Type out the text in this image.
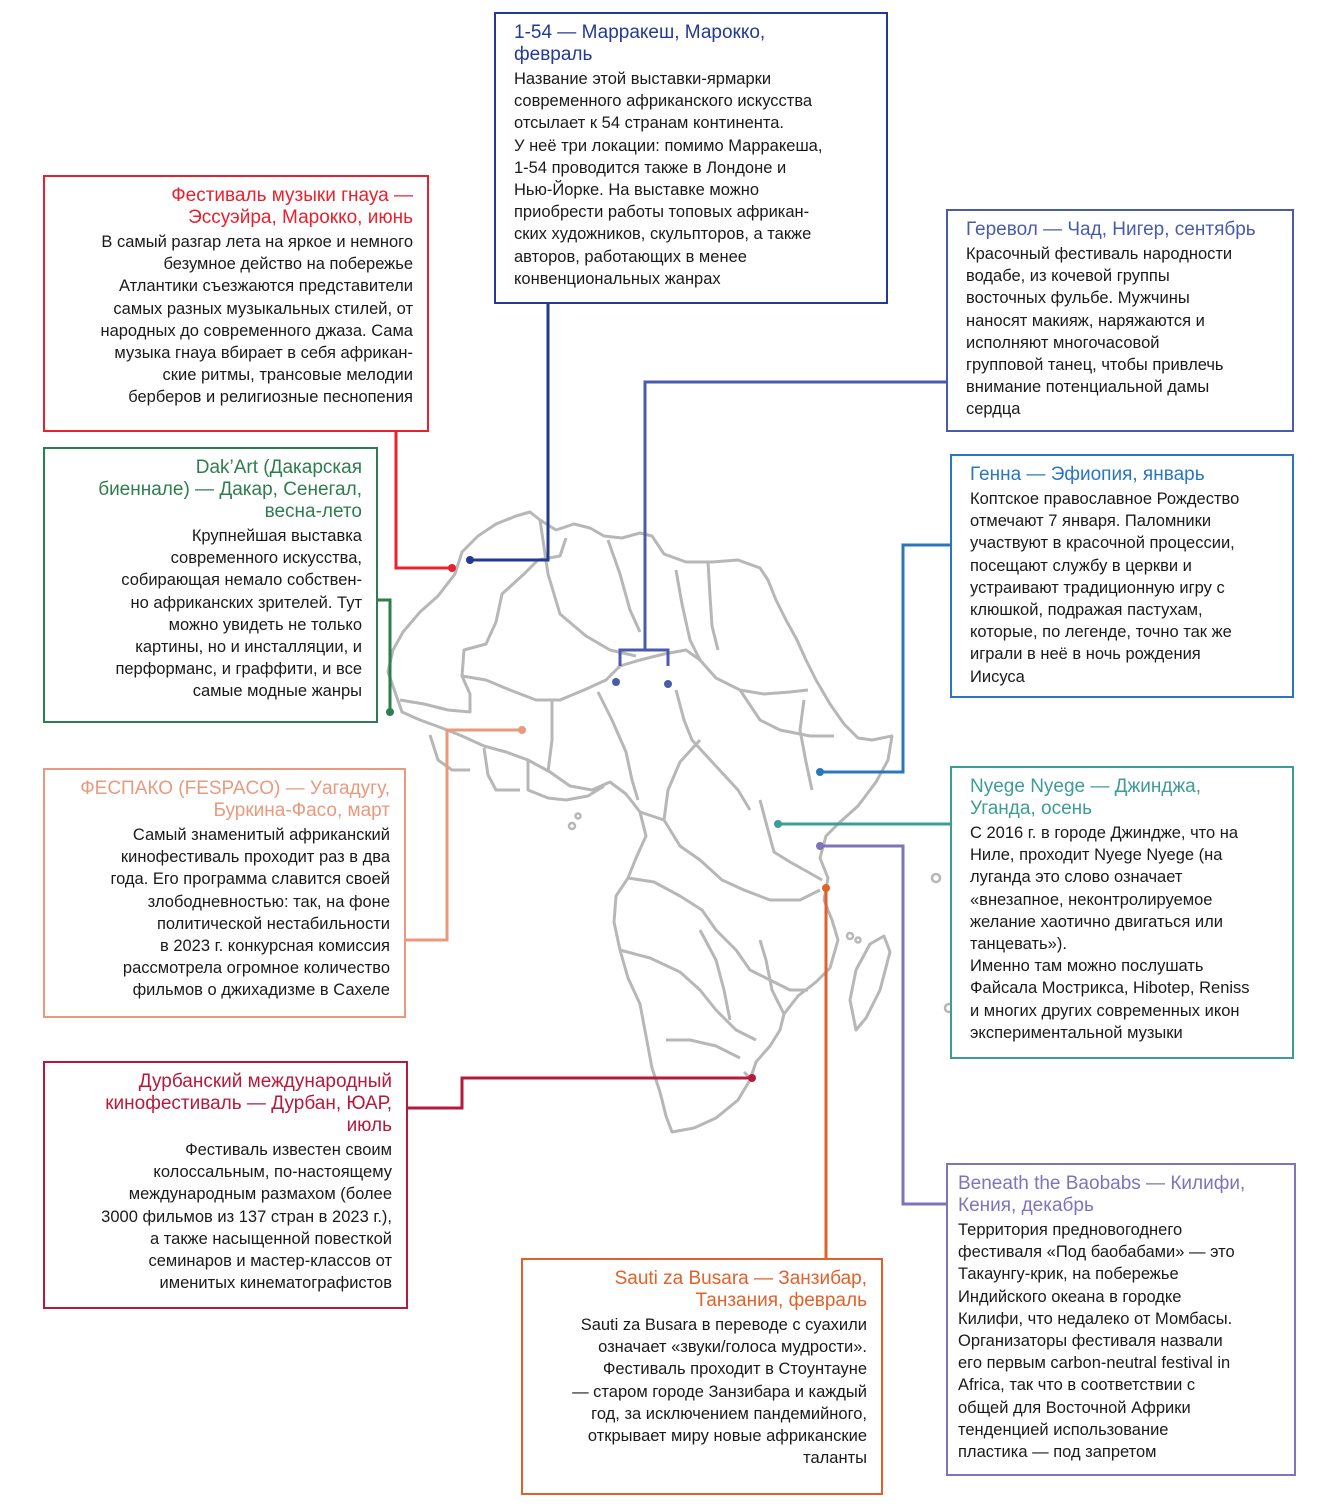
Фестиваль музыки гнауа —
Эссуэйра, Марокко, июнь
В самый разгар лета на яркое и немного
безумное действо на побережье
Атлантики съезжаются представители
самых разных музыкальных стилей, от
народных до современного джаза. Сама
музыка гнауа вбирает в себя африкан-
ские ритмы, трансовые мелодии
берберов и религиозные песнопения
1-54 — Марракеш, Марокко,
февраль
Название этой выставки-ярмарки
современного африканского искусства
отсылает к 54 странам континента.
У неё три локации: помимо Марракеша,
1-54 проводится также в Лондоне и
Нью-Йорке. На выставке можно
приобрести работы топовых африкан-
ских художников, скульпторов, а также
авторов, работающих в менее
конвенциональных жанрах
Геревол — Чад, Нигер, сентябрь
Красочный фестиваль народности
водабе, из кочевой группы
восточных фульбе. Мужчины
наносят макияж, наряжаются и
исполняют многочасовой
групповой танец, чтобы привлечь
внимание потенциальной дамы
сердца
Генна — Эфиопия, январь
Коптское православное Рождество
отмечают 7 января. Паломники
участвуют в красочной процессии,
посещают службу в церкви и
устраивают традиционную игру с
клюшкой, подражая пастухам,
которые, по легенде, точно так же
играли в неё в ночь рождения
Иисуса
Dak’Art (Дакарская
биеннале) — Дакар, Сенегал,
весна-лето
Крупнейшая выставка
современного искусства,
собирающая немало собствен-
но африканских зрителей. Тут
можно увидеть не только
картины, но и инсталляции, и
перформанс, и граффити, и все
самые модные жанры
ФЕСПАКО (FESPACO) — Уагадугу,
Буркина-Фасо, март
Самый знаменитый африканский
кинофестиваль проходит раз в два
года. Его программа славится своей
злободневностью: так, на фоне
политической нестабильности
в 2023 г. конкурсная комиссия
рассмотрела огромное количество
фильмов о джихадизме в Сахеле
Nyege Nyege — Джинджа,
Уганда, осень
С 2016 г. в городе Джиндже, что на
Ниле, проходит Nyege Nyege (на
луганда это слово означает
«внезапное, неконтролируемое
желание хаотично двигаться или
танцевать»).
Именно там можно послушать
Файсала Мострикса, Hibotep, Reniss
и многих других современных икон
экспериментальной музыки
Дурбанский международный
кинофестиваль — Дурбан, ЮАР,
июль
Фестиваль известен своим
колоссальным, по-настоящему
международным размахом (более
3000 фильмов из 137 стран в 2023 г.),
а также насыщенной повесткой
семинаров и мастер-классов от
именитых кинематографистов
Beneath the Baobabs — Килифи,
Кения, декабрь
Территория предновогоднего
фестиваля «Под баобабами» — это
Такаунгу-крик, на побережье
Индийского океана в городке
Килифи, что недалеко от Момбасы.
Организаторы фестиваля назвали
его первым carbon-neutral festival in
Africa, так что в соответствии с
общей для Восточной Африки
тенденцией использование
пластика — под запретом
Sauti za Busara — Занзибар,
Танзания, февраль
Sauti za Busara в переводе с суахили
означает «звуки/голоса мудрости».
Фестиваль проходит в Стоунтауне
— старом городе Занзибара и каждый
год, за исключением пандемийного,
открывает миру новые африканские
таланты
